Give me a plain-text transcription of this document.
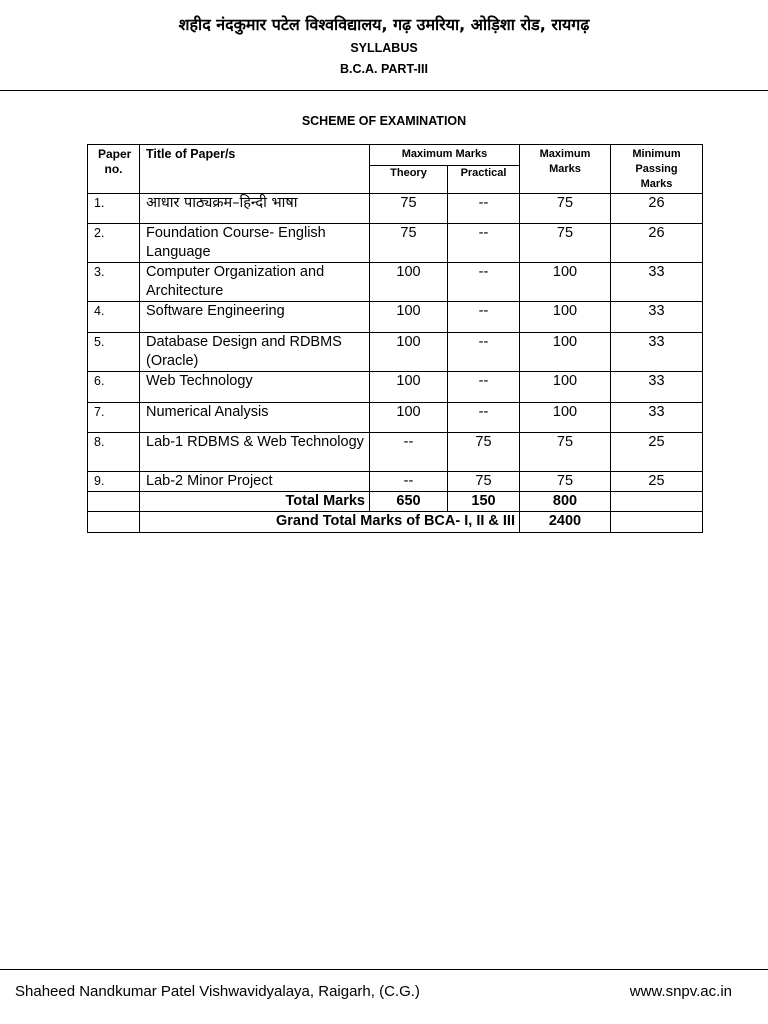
शहीद नंदकुमार पटेल विश्वविद्यालय, गढ़ उमरिया, ओड़िशा रोड, रायगढ़
SYLLABUS
B.C.A. PART-III
SCHEME OF EXAMINATION
Paper no.	Title of Paper/s	Maximum Marks		Maximum Marks	Minimum Passing Marks
		Theory	Practical		
1.	आधार पाठ्यक्रम–हिन्दी भाषा	75	--	75	26
2.	Foundation Course- English Language	75	--	75	26
3.	Computer Organization and Architecture	100	--	100	33
4.	Software Engineering	100	--	100	33
5.	Database Design and RDBMS (Oracle)	100	--	100	33
6.	Web Technology	100	--	100	33
7.	Numerical Analysis	100	--	100	33
8.	Lab-1 RDBMS & Web Technology	--	75	75	25
9.	Lab-2 Minor Project	--	75	75	25
	Total Marks	650	150	800	
	Grand Total Marks of BCA- I, II & III			2400	
Shaheed Nandkumar Patel Vishwavidyalaya, Raigarh, (C.G.)	www.snpv.ac.in
